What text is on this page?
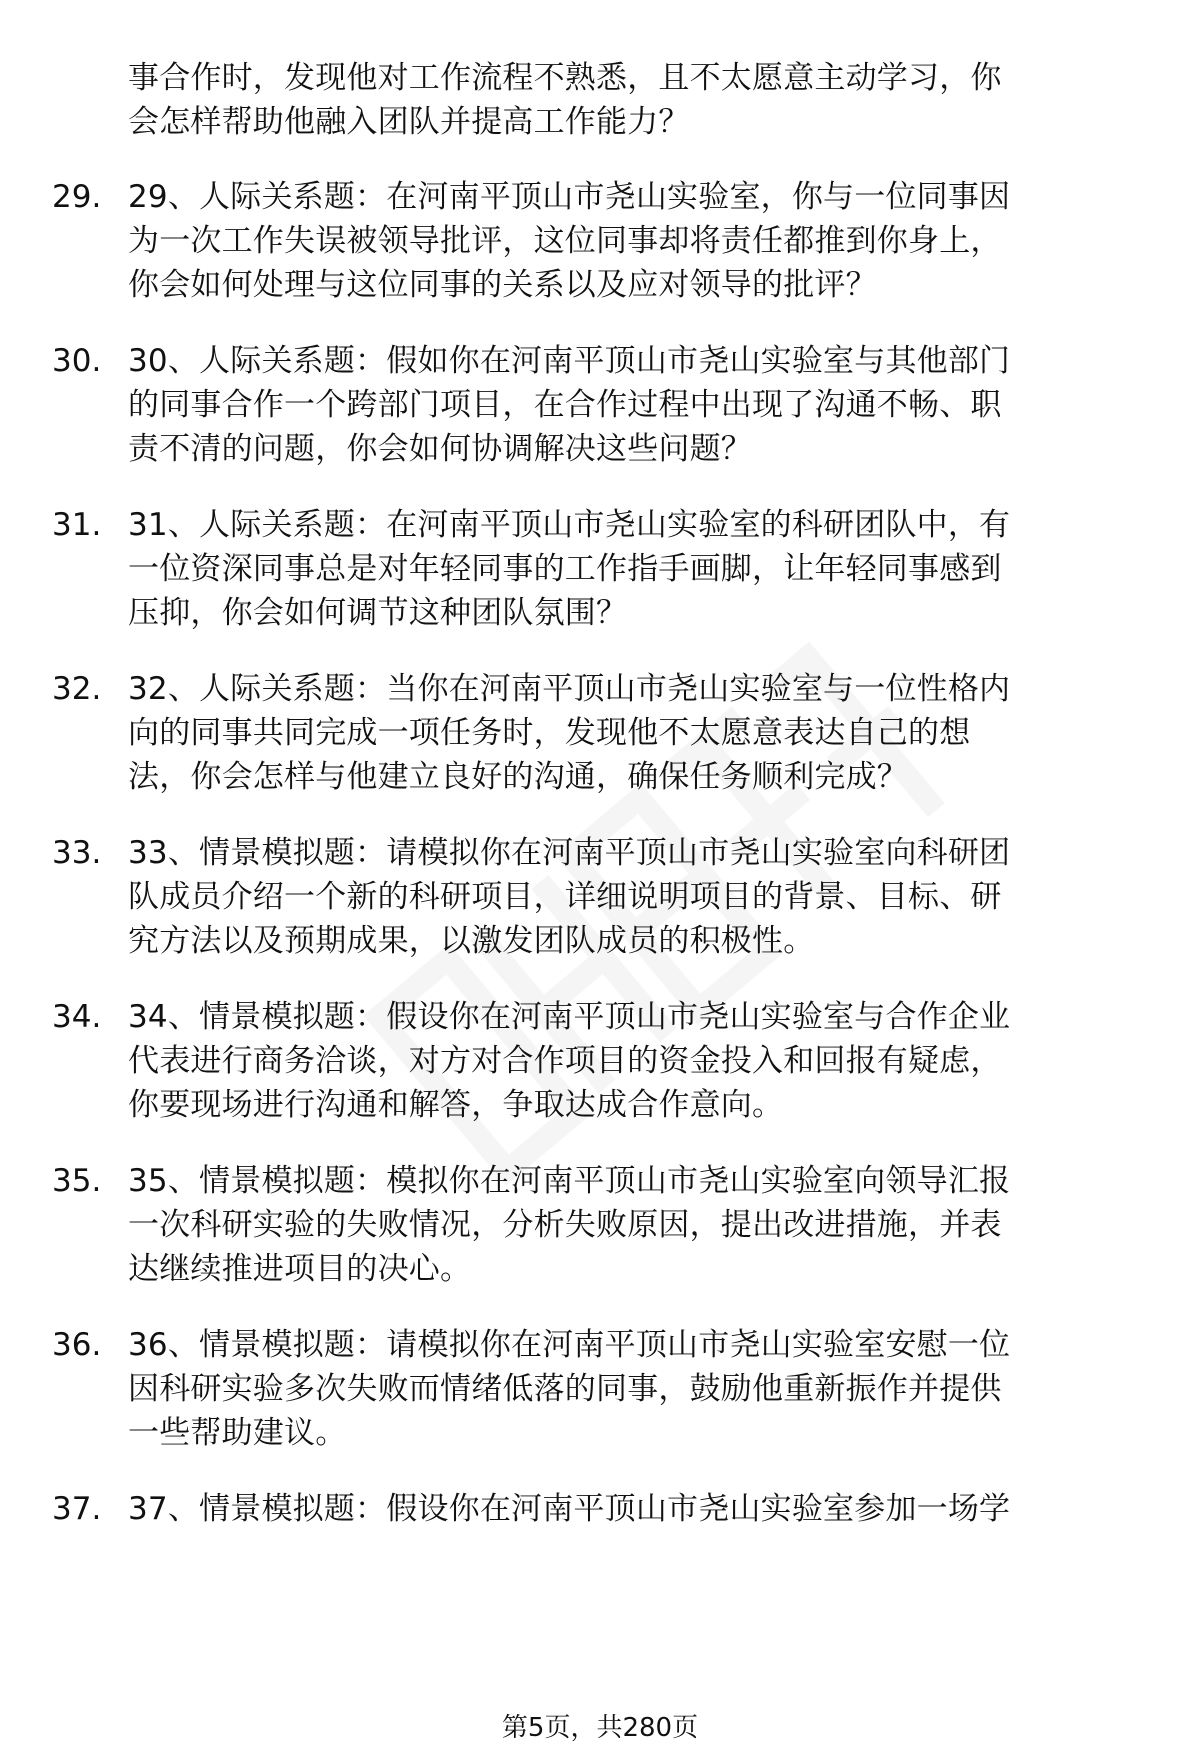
事合作时，发现他对工作流程不熟悉，且不太愿意主动学习，你
会怎样帮助他融入团队并提高工作能力？
29. 29、人际关系题：在河南平顶山市尧山实验室，你与一位同事因
为一次工作失误被领导批评，这位同事却将责任都推到你身上，
你会如何处理与这位同事的关系以及应对领导的批评？
30. 30、人际关系题：假如你在河南平顶山市尧山实验室与其他部门
的同事合作一个跨部门项目，在合作过程中出现了沟通不畅、职
责不清的问题，你会如何协调解决这些问题？
31. 31、人际关系题：在河南平顶山市尧山实验室的科研团队中，有
一位资深同事总是对年轻同事的工作指手画脚，让年轻同事感到
压抑，你会如何调节这种团队氛围？
32. 32、人际关系题：当你在河南平顶山市尧山实验室与一位性格内
向的同事共同完成一项任务时，发现他不太愿意表达自己的想
法，你会怎样与他建立良好的沟通，确保任务顺利完成？
33. 33、情景模拟题：请模拟你在河南平顶山市尧山实验室向科研团
队成员介绍一个新的科研项目，详细说明项目的背景、目标、研
究方法以及预期成果，以激发团队成员的积极性。
34. 34、情景模拟题：假设你在河南平顶山市尧山实验室与合作企业
代表进行商务洽谈，对方对合作项目的资金投入和回报有疑虑，
你要现场进行沟通和解答，争取达成合作意向。
35. 35、情景模拟题：模拟你在河南平顶山市尧山实验室向领导汇报
一次科研实验的失败情况，分析失败原因，提出改进措施，并表
达继续推进项目的决心。
36. 36、情景模拟题：请模拟你在河南平顶山市尧山实验室安慰一位
因科研实验多次失败而情绪低落的同事，鼓励他重新振作并提供
一些帮助建议。
37. 37、情景模拟题：假设你在河南平顶山市尧山实验室参加一场学
第5页，共280页
